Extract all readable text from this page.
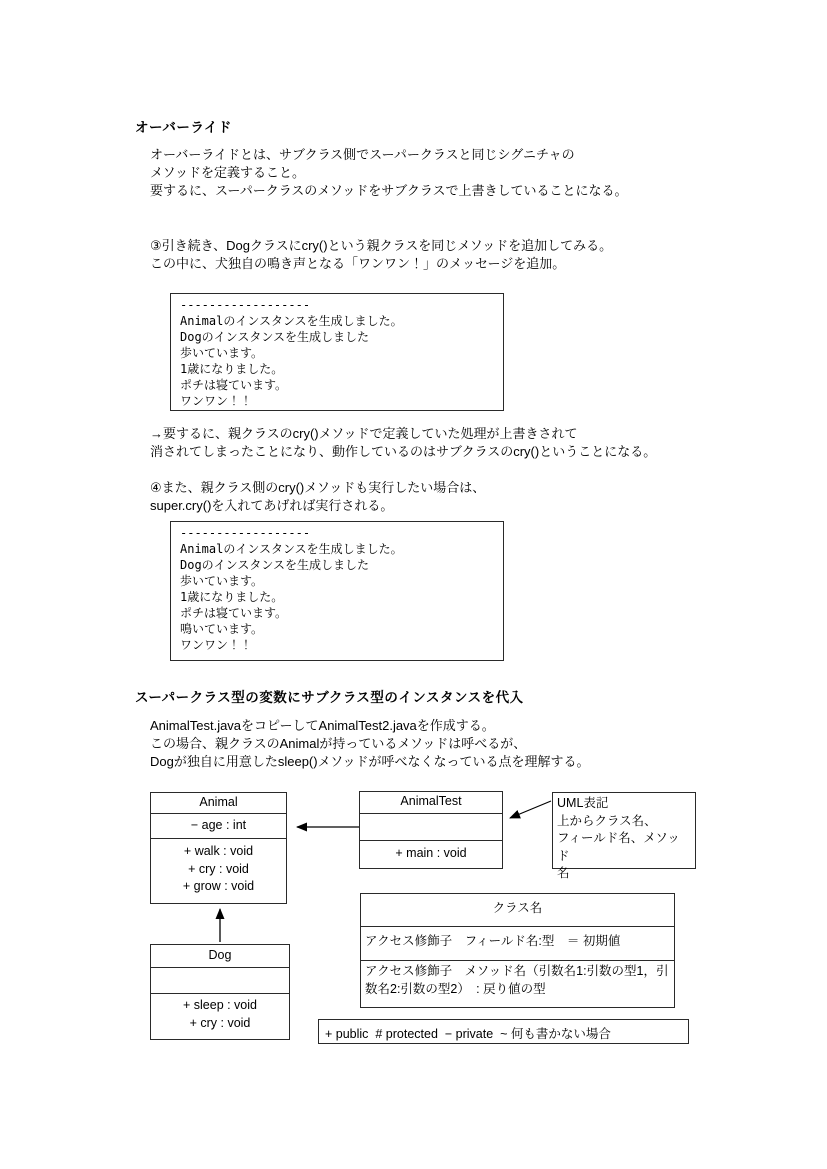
オーバーライド
オーバーライドとは、サブクラス側でスーパークラスと同じシグニチャの
メソッドを定義すること。
要するに、スーパークラスのメソッドをサブクラスで上書きしていることになる。
③引き続き、Dogクラスにcry()という親クラスを同じメソッドを追加してみる。
この中に、犬独自の鳴き声となる「ワンワン！」のメッセージを追加。
------------------
Animalのインスタンスを生成しました。
Dogのインスタンスを生成しました
歩いています。
1歳になりました。
ポチは寝ています。
ワンワン！！
→要するに、親クラスのcry()メソッドで定義していた処理が上書きされて
消されてしまったことになり、動作しているのはサブクラスのcry()ということになる。
④また、親クラス側のcry()メソッドも実行したい場合は、
super.cry()を入れてあげれば実行される。
------------------
Animalのインスタンスを生成しました。
Dogのインスタンスを生成しました
歩いています。
1歳になりました。
ポチは寝ています。
鳴いています。
ワンワン！！
スーパークラス型の変数にサブクラス型のインスタンスを代入
AnimalTest.javaをコピーしてAnimalTest2.javaを作成する。
この場合、親クラスのAnimalが持っているメソッドは呼べるが、
Dogが独自に用意したsleep()メソッドが呼べなくなっている点を理解する。
Animal
− age : int
+ walk : void
+ cry : void
+ grow : void
AnimalTest
+ main : void
UML表記
上からクラス名、
フィールド名、メソッド
名
クラス名
アクセス修飾子　フィールド名:型　＝ 初期値
アクセス修飾子　メソッド名（引数名1:引数の型1，引数名2:引数の型2）　: 戻り値の型
Dog
+ sleep : void
+ cry : void
+ public  # protected  − private  ~ 何も書かない場合
